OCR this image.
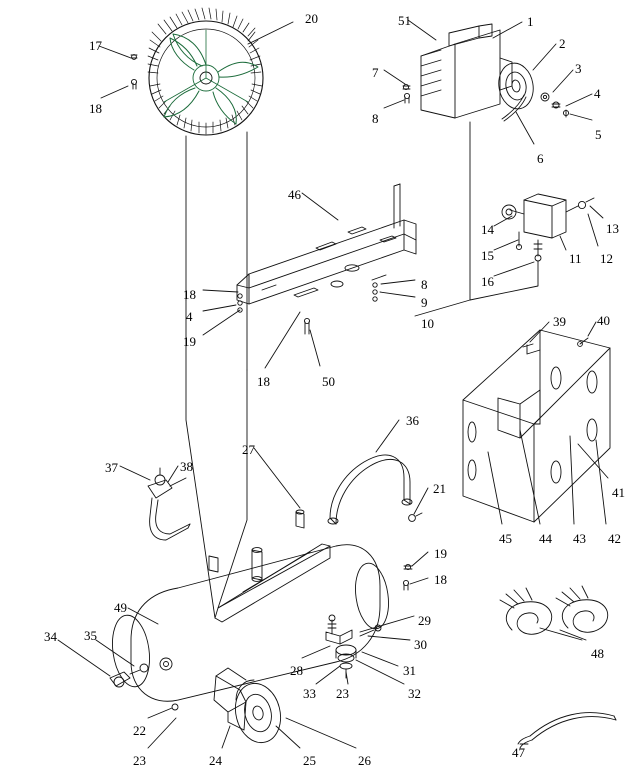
1
2
3
4
5
6
7
8
17
18
20	51
46
14
15
16
11 12
13
18
4
19
8
9
10
18	50
39 40
41
42
43
44
45
36
27
21
37	38
49
34 35
22
23	24	25	26
28
33 23	32
31
30
29
19
18
48
47
